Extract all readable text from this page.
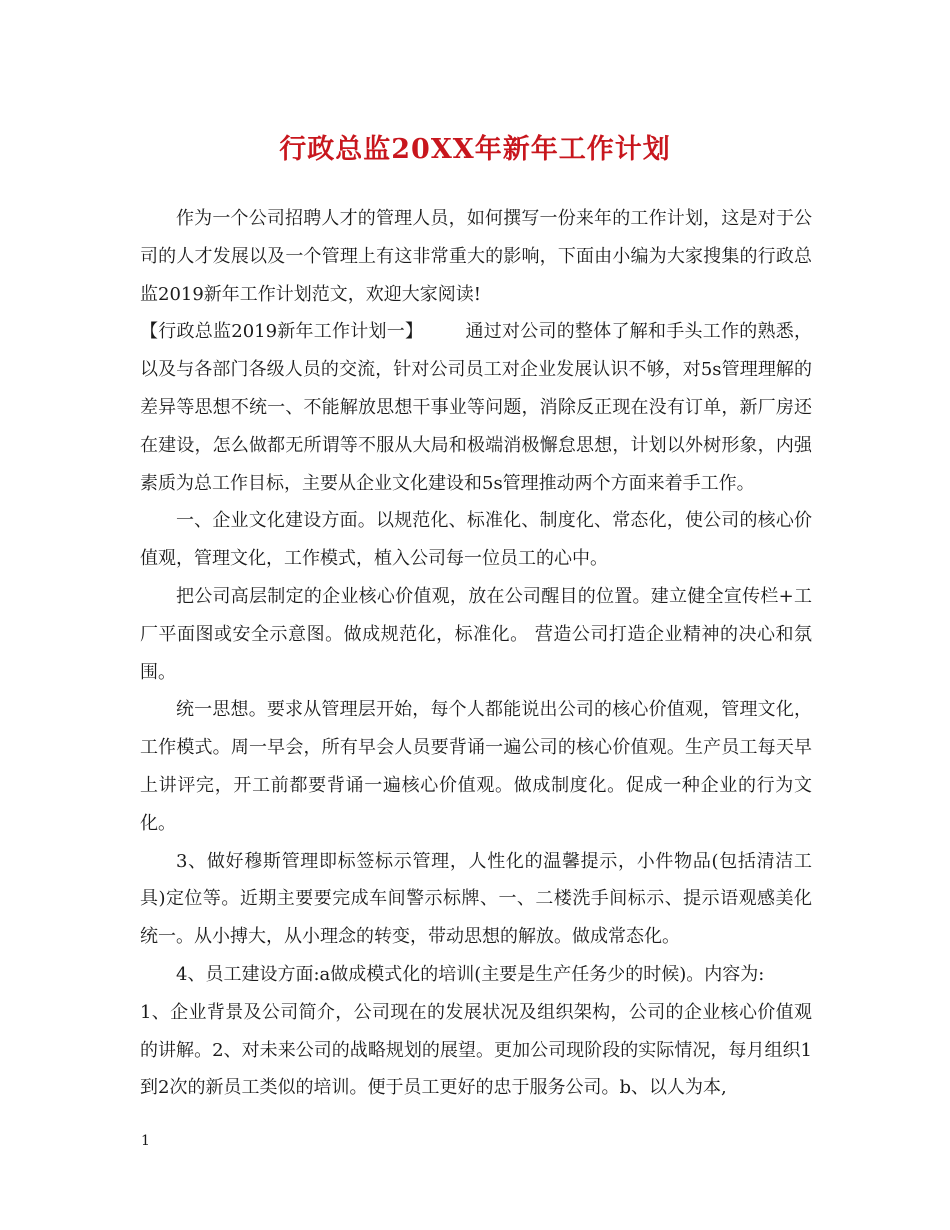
行政总监20XX年新年工作计划

作为一个公司招聘人才的管理人员，如何撰写一份来年的工作计划，这是对于公司的人才发展以及一个管理上有这非常重大的影响，下面由小编为大家搜集的行政总监2019新年工作计划范文，欢迎大家阅读!

【行政总监2019新年工作计划一】 通过对公司的整体了解和手头工作的熟悉，以及与各部门各级人员的交流，针对公司员工对企业发展认识不够，对5s管理理解的差异等思想不统一、不能解放思想干事业等问题，消除反正现在没有订单，新厂房还在建设，怎么做都无所谓等不服从大局和极端消极懈怠思想，计划以外树形象，内强素质为总工作目标，主要从企业文化建设和5s管理推动两个方面来着手工作。

一、企业文化建设方面。以规范化、标准化、制度化、常态化，使公司的核心价值观，管理文化，工作模式，植入公司每一位员工的心中。

把公司高层制定的企业核心价值观，放在公司醒目的位置。建立健全宣传栏+工厂平面图或安全示意图。做成规范化，标准化。 营造公司打造企业精神的决心和氛围。

统一思想。要求从管理层开始，每个人都能说出公司的核心价值观，管理文化，工作模式。周一早会，所有早会人员要背诵一遍公司的核心价值观。生产员工每天早上讲评完，开工前都要背诵一遍核心价值观。做成制度化。促成一种企业的行为文化。

3、做好穆斯管理即标签标示管理，人性化的温馨提示，小件物品(包括清洁工具)定位等。近期主要要完成车间警示标牌、一、二楼洗手间标示、提示语观感美化统一。从小搏大，从小理念的转变，带动思想的解放。做成常态化。

4、员工建设方面:a做成模式化的培训(主要是生产任务少的时候)。内容为:

1、企业背景及公司简介，公司现在的发展状况及组织架构，公司的企业核心价值观的讲解。2、对未来公司的战略规划的展望。更加公司现阶段的实际情况，每月组织1到2次的新员工类似的培训。便于员工更好的忠于服务公司。b、以人为本,

1
